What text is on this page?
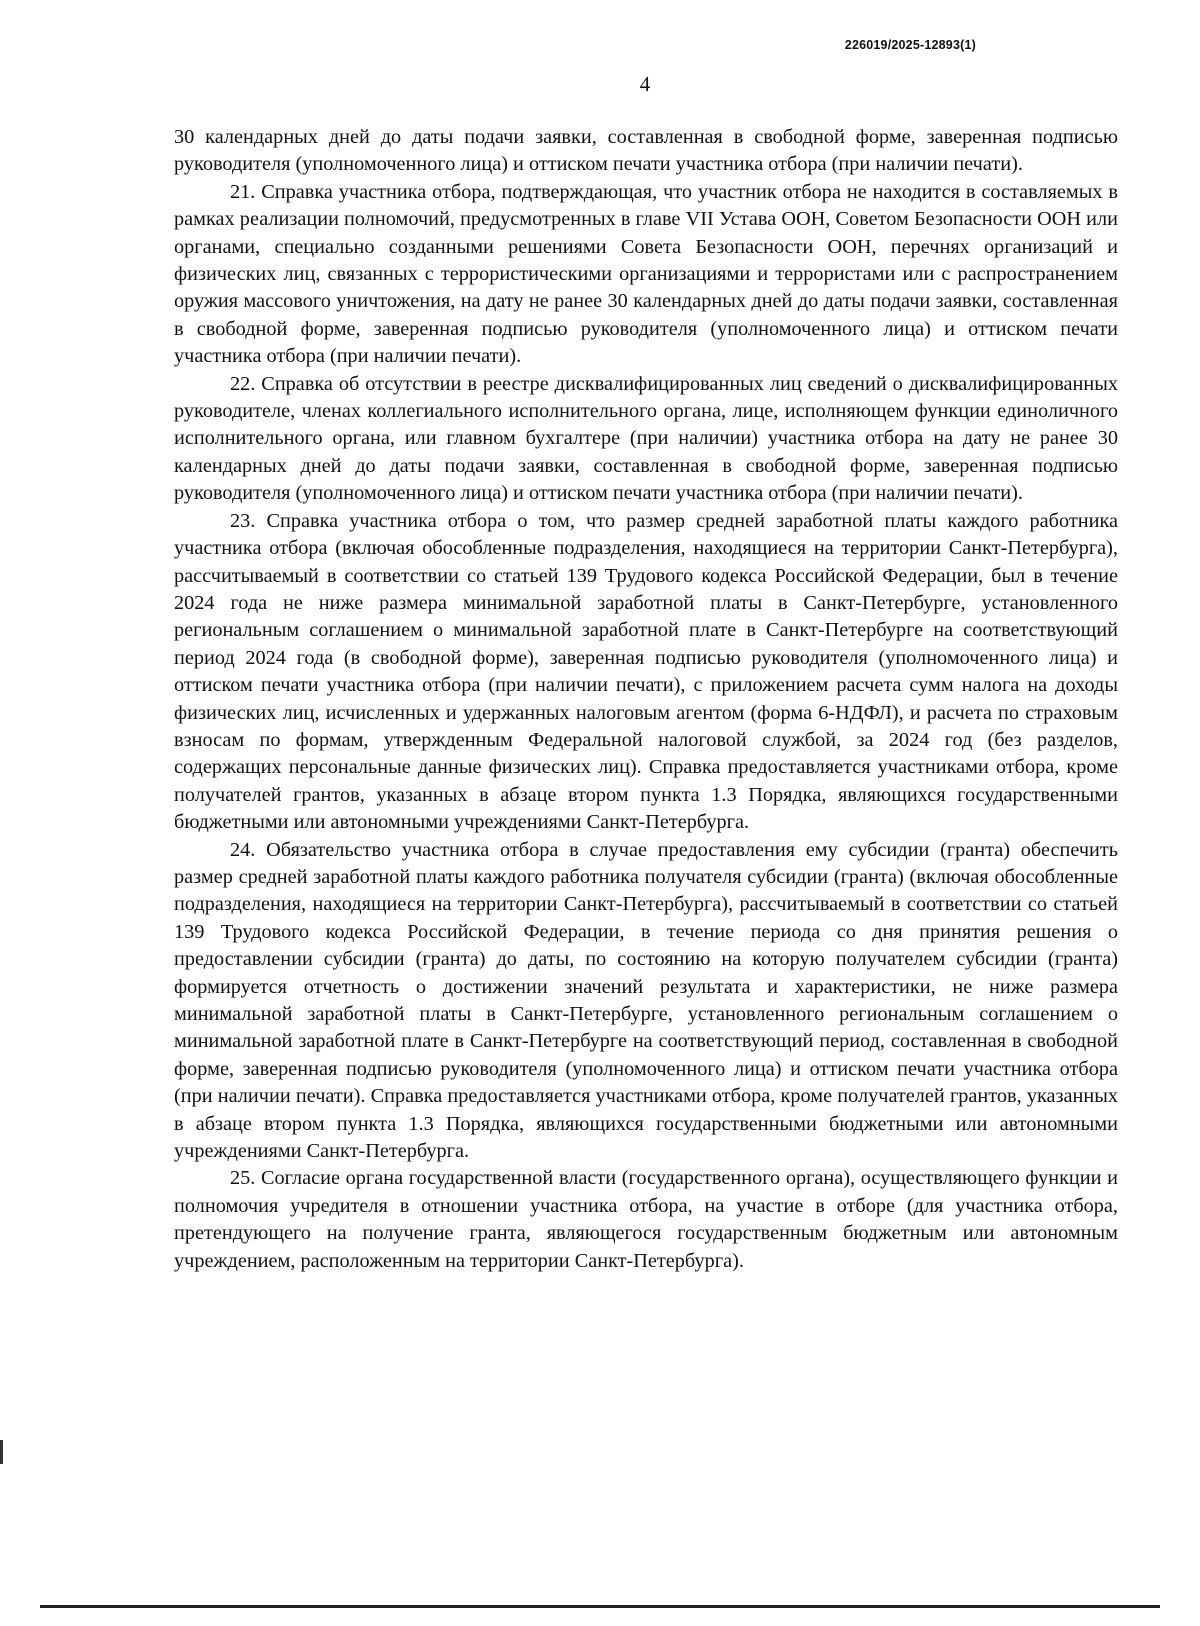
226019/2025-12893(1)
4

30 календарных дней до даты подачи заявки, составленная в свободной форме, заверенная подписью руководителя (уполномоченного лица) и оттиском печати участника отбора (при наличии печати).

21. Справка участника отбора, подтверждающая, что участник отбора не находится в составляемых в рамках реализации полномочий, предусмотренных в главе VII Устава ООН, Советом Безопасности ООН или органами, специально созданными решениями Совета Безопасности ООН, перечнях организаций и физических лиц, связанных с террористическими организациями и террористами или с распространением оружия массового уничтожения, на дату не ранее 30 календарных дней до даты подачи заявки, составленная в свободной форме, заверенная подписью руководителя (уполномоченного лица) и оттиском печати участника отбора (при наличии печати).

22. Справка об отсутствии в реестре дисквалифицированных лиц сведений о дисквалифицированных руководителе, членах коллегиального исполнительного органа, лице, исполняющем функции единоличного исполнительного органа, или главном бухгалтере (при наличии) участника отбора на дату не ранее 30 календарных дней до даты подачи заявки, составленная в свободной форме, заверенная подписью руководителя (уполномоченного лица) и оттиском печати участника отбора (при наличии печати).

23. Справка участника отбора о том, что размер средней заработной платы каждого работника участника отбора (включая обособленные подразделения, находящиеся на территории Санкт-Петербурга), рассчитываемый в соответствии со статьей 139 Трудового кодекса Российской Федерации, был в течение 2024 года не ниже размера минимальной заработной платы в Санкт-Петербурге, установленного региональным соглашением о минимальной заработной плате в Санкт-Петербурге на соответствующий период 2024 года (в свободной форме), заверенная подписью руководителя (уполномоченного лица) и оттиском печати участника отбора (при наличии печати), с приложением расчета сумм налога на доходы физических лиц, исчисленных и удержанных налоговым агентом (форма 6-НДФЛ), и расчета по страховым взносам по формам, утвержденным Федеральной налоговой службой, за 2024 год (без разделов, содержащих персональные данные физических лиц). Справка предоставляется участниками отбора, кроме получателей грантов, указанных в абзаце втором пункта 1.3 Порядка, являющихся государственными бюджетными или автономными учреждениями Санкт-Петербурга.

24. Обязательство участника отбора в случае предоставления ему субсидии (гранта) обеспечить размер средней заработной платы каждого работника получателя субсидии (гранта) (включая обособленные подразделения, находящиеся на территории Санкт-Петербурга), рассчитываемый в соответствии со статьей 139 Трудового кодекса Российской Федерации, в течение периода со дня принятия решения о предоставлении субсидии (гранта) до даты, по состоянию на которую получателем субсидии (гранта) формируется отчетность о достижении значений результата и характеристики, не ниже размера минимальной заработной платы в Санкт-Петербурге, установленного региональным соглашением о минимальной заработной плате в Санкт-Петербурге на соответствующий период, составленная в свободной форме, заверенная подписью руководителя (уполномоченного лица) и оттиском печати участника отбора (при наличии печати). Справка предоставляется участниками отбора, кроме получателей грантов, указанных в абзаце втором пункта 1.3 Порядка, являющихся государственными бюджетными или автономными учреждениями Санкт-Петербурга.

25. Согласие органа государственной власти (государственного органа), осуществляющего функции и полномочия учредителя в отношении участника отбора, на участие в отборе (для участника отбора, претендующего на получение гранта, являющегося государственным бюджетным или автономным учреждением, расположенным на территории Санкт-Петербурга).
